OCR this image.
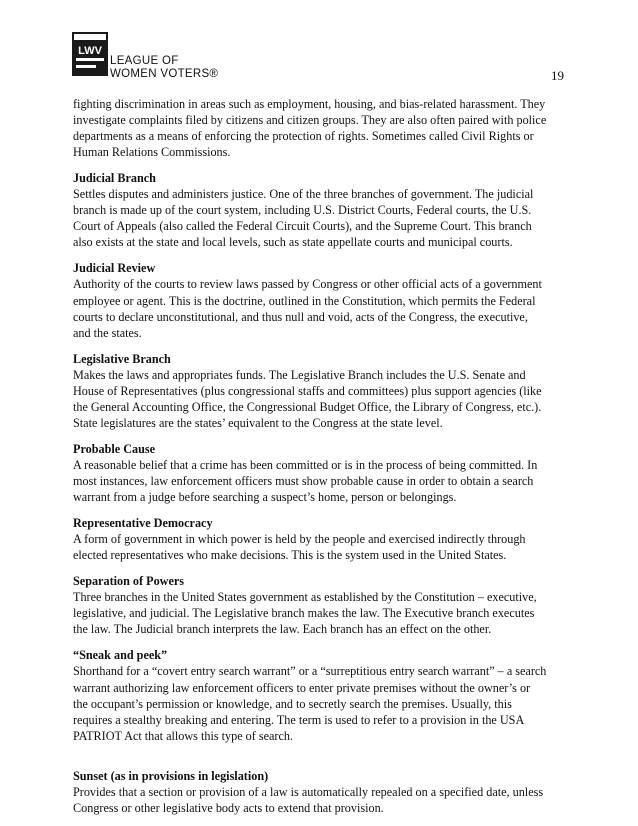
LWV
LEAGUE OF
WOMEN VOTERS®	19
fighting discrimination in areas such as employment, housing, and bias-related harassment. They
investigate complaints filed by citizens and citizen groups. They are also often paired with police
departments as a means of enforcing the protection of rights. Sometimes called Civil Rights or
Human Relations Commissions.
Judicial Branch
Settles disputes and administers justice. One of the three branches of government. The judicial
branch is made up of the court system, including U.S. District Courts, Federal courts, the U.S.
Court of Appeals (also called the Federal Circuit Courts), and the Supreme Court. This branch
also exists at the state and local levels, such as state appellate courts and municipal courts.
Judicial Review
Authority of the courts to review laws passed by Congress or other official acts of a government
employee or agent. This is the doctrine, outlined in the Constitution, which permits the Federal
courts to declare unconstitutional, and thus null and void, acts of the Congress, the executive,
and the states.
Legislative Branch
Makes the laws and appropriates funds. The Legislative Branch includes the U.S. Senate and
House of Representatives (plus congressional staffs and committees) plus support agencies (like
the General Accounting Office, the Congressional Budget Office, the Library of Congress, etc.).
State legislatures are the states’ equivalent to the Congress at the state level.
Probable Cause
A reasonable belief that a crime has been committed or is in the process of being committed. In
most instances, law enforcement officers must show probable cause in order to obtain a search
warrant from a judge before searching a suspect’s home, person or belongings.
Representative Democracy
A form of government in which power is held by the people and exercised indirectly through
elected representatives who make decisions. This is the system used in the United States.
Separation of Powers
Three branches in the United States government as established by the Constitution – executive,
legislative, and judicial. The Legislative branch makes the law. The Executive branch executes
the law. The Judicial branch interprets the law. Each branch has an effect on the other.
“Sneak and peek”
Shorthand for a “covert entry search warrant” or a “surreptitious entry search warrant” – a search
warrant authorizing law enforcement officers to enter private premises without the owner’s or
the occupant’s permission or knowledge, and to secretly search the premises. Usually, this
requires a stealthy breaking and entering. The term is used to refer to a provision in the USA
PATRIOT Act that allows this type of search.
Sunset (as in provisions in legislation)
Provides that a section or provision of a law is automatically repealed on a specified date, unless
Congress or other legislative body acts to extend that provision.
